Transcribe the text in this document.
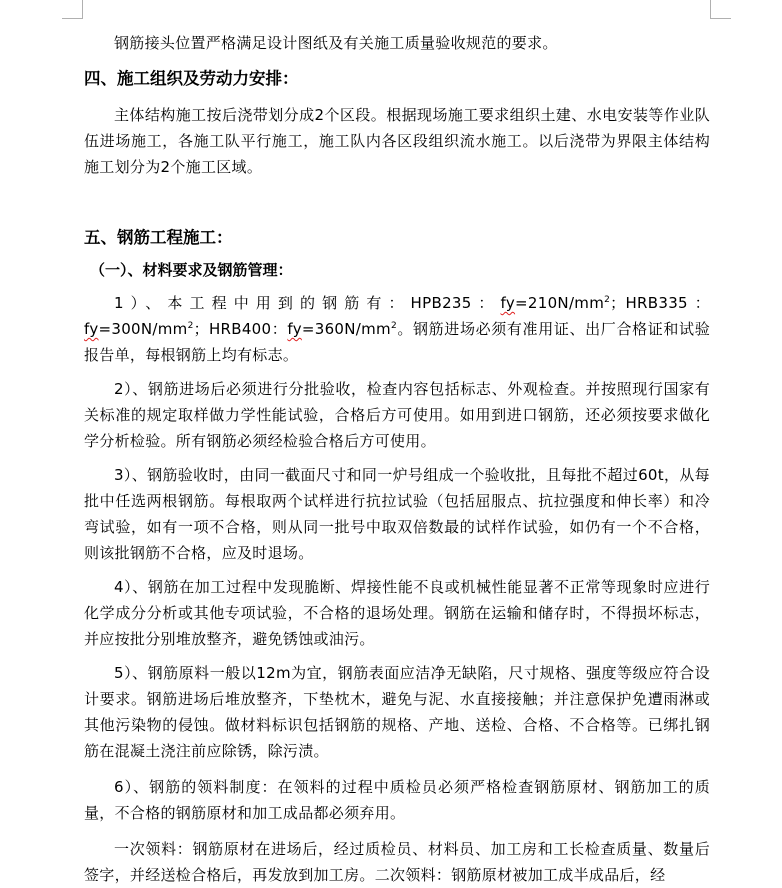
钢筋接头位置严格满足设计图纸及有关施工质量验收规范的要求。

四、施工组织及劳动力安排：

主体结构施工按后浇带划分成2个区段。根据现场施工要求组织土建、水电安装等作业队伍进场施工，各施工队平行施工，施工队内各区段组织流水施工。以后浇带为界限主体结构施工划分为2个施工区域。

五、钢筋工程施工：
（一）、材料要求及钢筋管理：

1）、本工程中用到的钢筋有：HPB235：$fy=210N/mm^2$；HRB335：$fy=300N/mm^2$；HRB400：$fy=360N/mm^2$。钢筋进场必须有准用证、出厂合格证和试验报告单，每根钢筋上均有标志。

2）、钢筋进场后必须进行分批验收，检查内容包括标志、外观检查。并按照现行国家有关标准的规定取样做力学性能试验，合格后方可使用。如用到进口钢筋，还必须按要求做化学分析检验。所有钢筋必须经检验合格后方可使用。

3）、钢筋验收时，由同一截面尺寸和同一炉号组成一个验收批，且每批不超过60t，从每批中任选两根钢筋。每根取两个试样进行抗拉试验（包括屈服点、抗拉强度和伸长率）和冷弯试验，如有一项不合格，则从同一批号中取双倍数最的试样作试验，如仍有一个不合格，则该批钢筋不合格，应及时退场。

4）、钢筋在加工过程中发现脆断、焊接性能不良或机械性能显著不正常等现象时应进行化学成分分析或其他专项试验，不合格的退场处理。钢筋在运输和储存时，不得损坏标志，并应按批分别堆放整齐，避免锈蚀或油污。

5）、钢筋原料一般以12m为宜，钢筋表面应洁净无缺陷，尺寸规格、强度等级应符合设计要求。钢筋进场后堆放整齐，下垫枕木，避免与泥、水直接接触；并注意保护免遭雨淋或其他污染物的侵蚀。做材料标识包括钢筋的规格、产地、送检、合格、不合格等。已绑扎钢筋在混凝土浇注前应除锈，除污渍。

6）、钢筋的领料制度：在领料的过程中质检员必须严格检查钢筋原材、钢筋加工的质量，不合格的钢筋原材和加工成品都必须弃用。

一次领料：钢筋原材在进场后，经过质检员、材料员、加工房和工长检查质量、数量后签字，并经送检合格后，再发放到加工房。二次领料：钢筋原材被加工成半成品后，经
